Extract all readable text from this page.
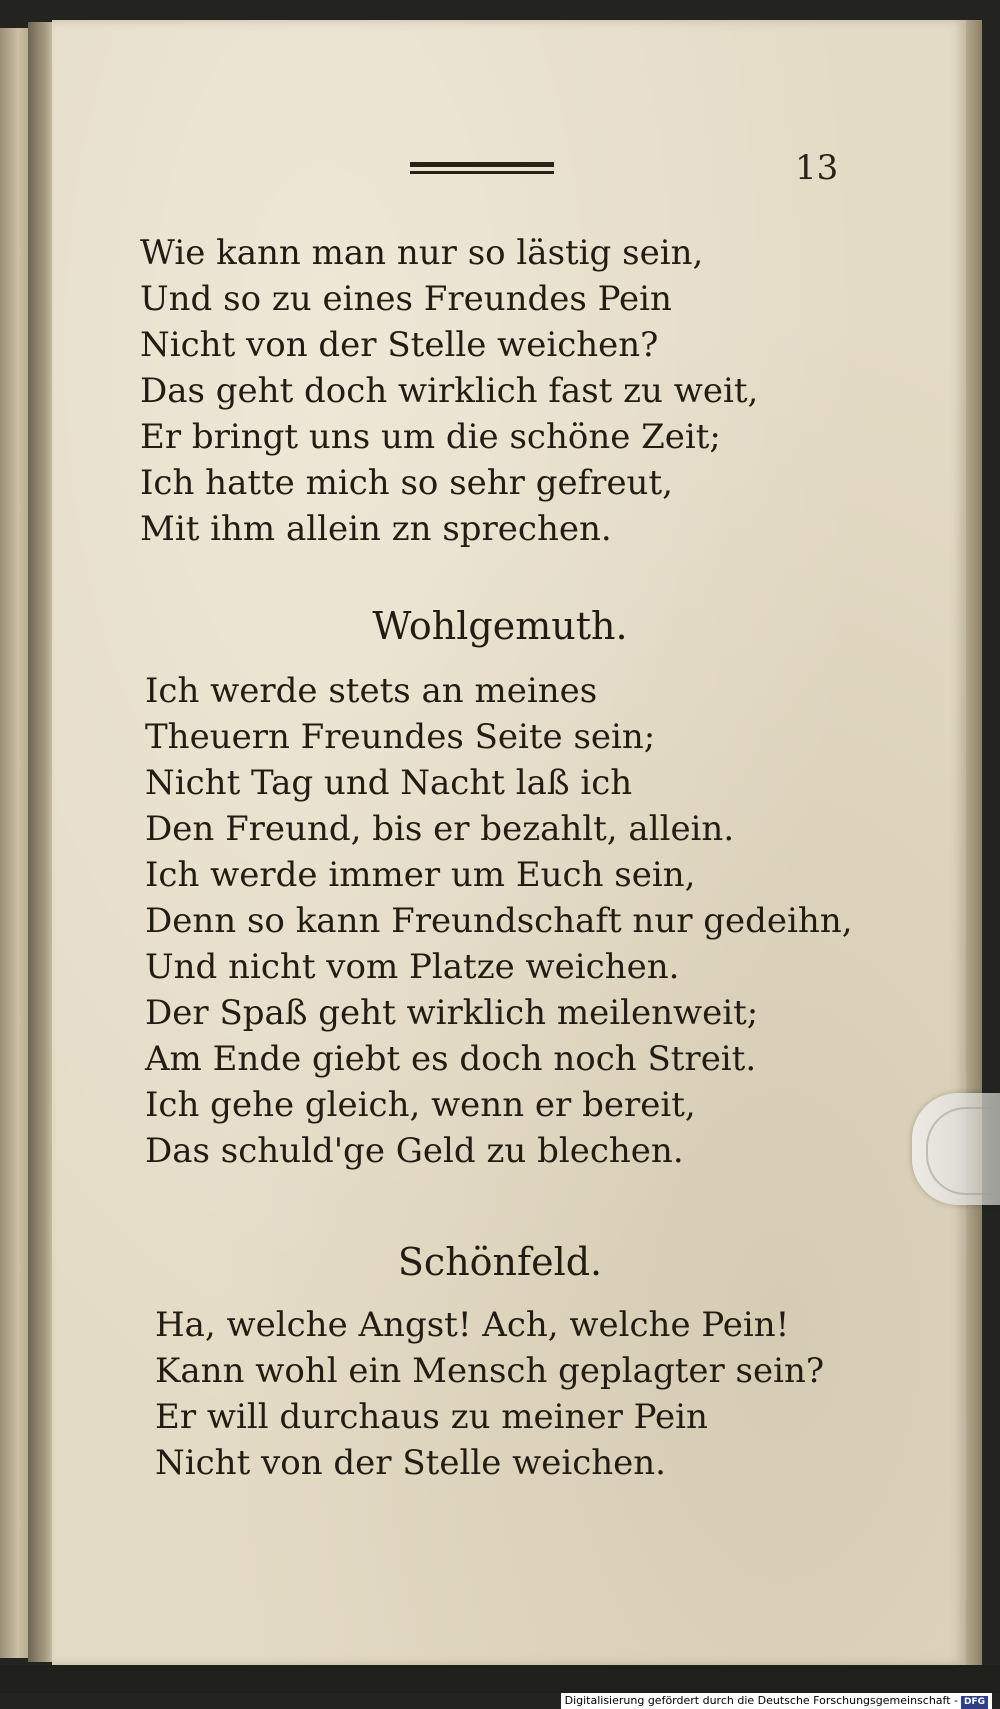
13
Wie kann man nur so lästig sein,
Und so zu eines Freundes Pein
Nicht von der Stelle weichen?
Das geht doch wirklich fast zu weit,
Er bringt uns um die schöne Zeit;
Ich hatte mich so sehr gefreut,
Mit ihm allein zn sprechen.
Wohlgemuth.
Ich werde stets an meines
Theuern Freundes Seite sein;
Nicht Tag und Nacht laß ich
Den Freund, bis er bezahlt, allein.
Ich werde immer um Euch sein,
Denn so kann Freundschaft nur gedeihn,
Und nicht vom Platze weichen.
Der Spaß geht wirklich meilenweit;
Am Ende giebt es doch noch Streit.
Ich gehe gleich, wenn er bereit,
Das schuld'ge Geld zu blechen.
Schönfeld.
Ha, welche Angst! Ach, welche Pein!
Kann wohl ein Mensch geplagter sein?
Er will durchaus zu meiner Pein
Nicht von der Stelle weichen.
Digitalisierung gefördert durch die Deutsche Forschungsgemeinschaft - DFG
